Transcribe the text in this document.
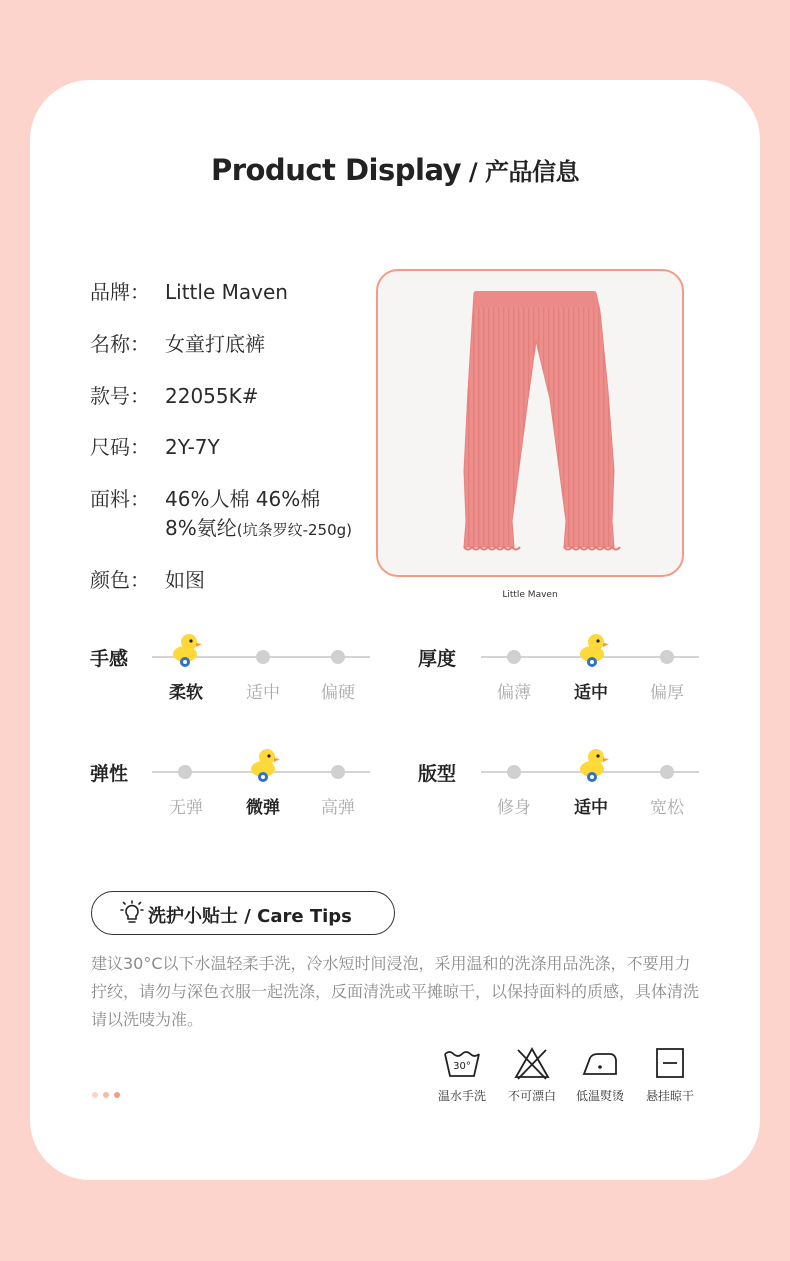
Product Display / 产品信息
品牌： Little Maven
名称： 女童打底裤
款号： 22055K#
尺码： 2Y-7Y
面料： 46%人棉 46%棉
8%氨纶(坑条罗纹-250g)
颜色： 如图
Little Maven
手感
柔软	适中	偏硬
厚度
偏薄	适中	偏厚
弹性
无弹	微弹	高弹
版型
修身	适中	宽松
洗护小贴士 / Care Tips
建议30°C以下水温轻柔手洗，冷水短时间浸泡，采用温和的洗涤用品洗涤，不要用力拧绞，请勿与深色衣服一起洗涤，反面清洗或平摊晾干，以保持面料的质感，具体清洗请以洗唛为准。
30°
温水手洗	不可漂白	低温熨烫	悬挂晾干
